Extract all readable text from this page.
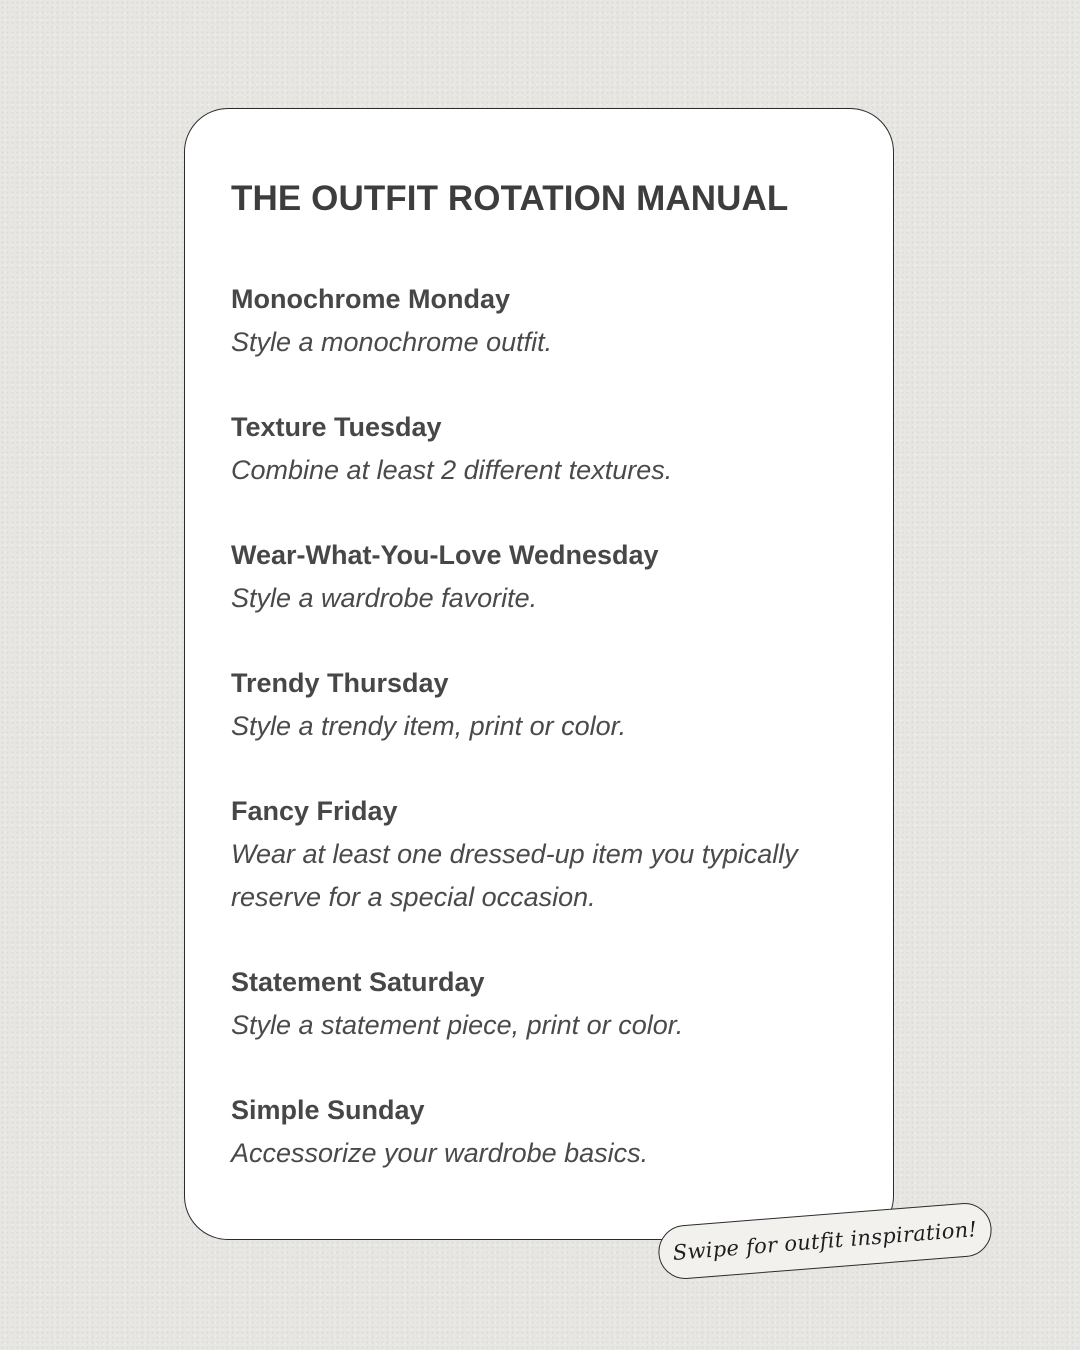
THE OUTFIT ROTATION MANUAL
Monochrome Monday
Style a monochrome outfit.
Texture Tuesday
Combine at least 2 different textures.
Wear-What-You-Love Wednesday
Style a wardrobe favorite.
Trendy Thursday
Style a trendy item, print or color.
Fancy Friday
Wear at least one dressed-up item you typically reserve for a special occasion.
Statement Saturday
Style a statement piece, print or color.
Simple Sunday
Accessorize your wardrobe basics.
Swipe for outfit inspiration!
